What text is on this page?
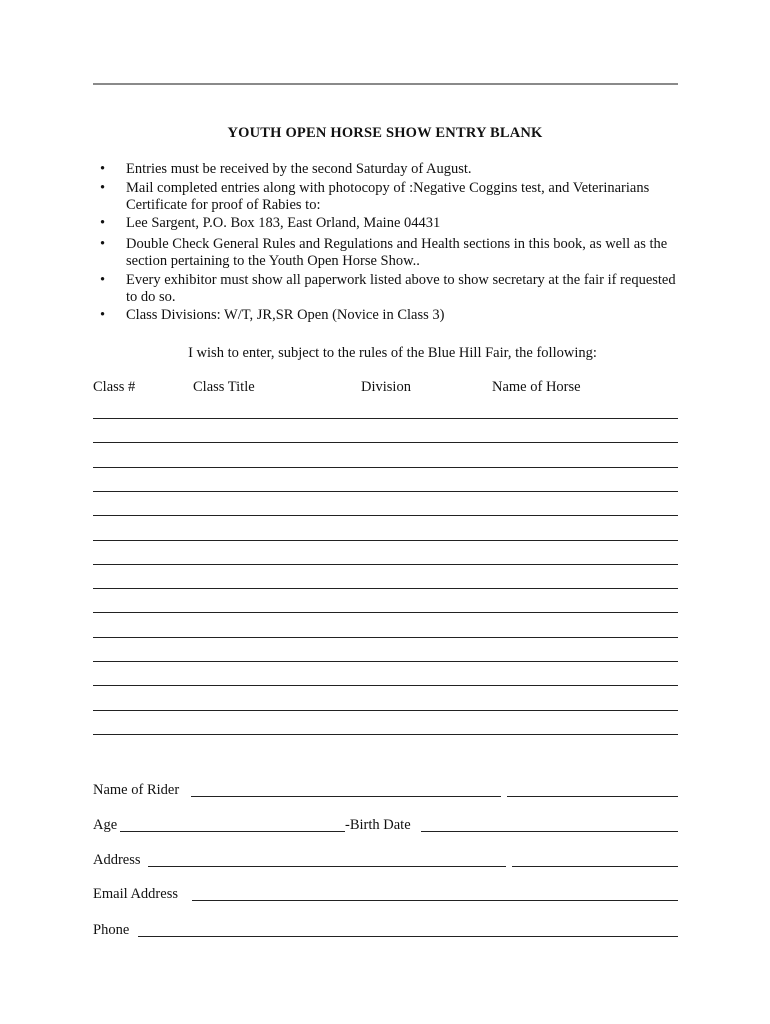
YOUTH OPEN HORSE SHOW ENTRY BLANK
• Entries must be received by the second Saturday of August.
• Mail completed entries along with photocopy of :Negative Coggins test, and Veterinarians Certificate for proof of Rabies to:
• Lee Sargent, P.O. Box 183, East Orland, Maine 04431
• Double Check General Rules and Regulations and Health sections in this book, as well as the section pertaining to the Youth Open Horse Show..
• Every exhibitor must show all paperwork listed above to show secretary at the fair if requested to do so.
• Class Divisions: W/T, JR,SR Open (Novice in Class 3)
I wish to enter, subject to the rules of the Blue Hill Fair, the following:
Class #	Class Title	Division	Name of Horse
Name of Rider
Age	-Birth Date
Address
Email Address
Phone
